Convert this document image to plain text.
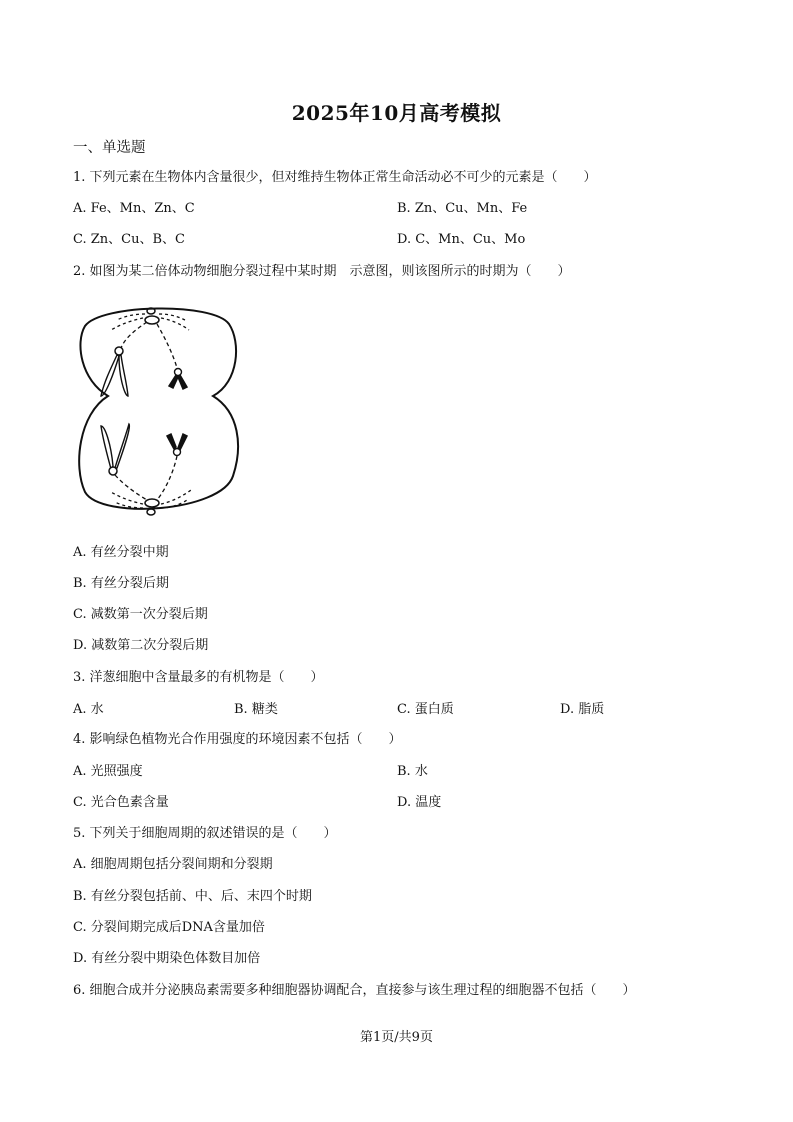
2025年10月高考模拟
一、单选题
1. 下列元素在生物体内含量很少，但对维持生物体正常生命活动必不可少的元素是（　　）
A. Fe、Mn、Zn、C	B. Zn、Cu、Mn、Fe
C. Zn、Cu、B、C	D. C、Mn、Cu、Mo
2. 如图为某二倍体动物细胞分裂过程中某时期　示意图，则该图所示的时期为（　　）
A. 有丝分裂中期
B. 有丝分裂后期
C. 减数第一次分裂后期
D. 减数第二次分裂后期
3. 洋葱细胞中含量最多的有机物是（　　）
A. 水	B. 糖类	C. 蛋白质	D. 脂质
4. 影响绿色植物光合作用强度的环境因素不包括（　　）
A. 光照强度	B. 水
C. 光合色素含量	D. 温度
5. 下列关于细胞周期的叙述错误的是（　　）
A. 细胞周期包括分裂间期和分裂期
B. 有丝分裂包括前、中、后、末四个时期
C. 分裂间期完成后DNA含量加倍
D. 有丝分裂中期染色体数目加倍
6. 细胞合成并分泌胰岛素需要多种细胞器协调配合，直接参与该生理过程的细胞器不包括（　　）
第1页/共9页
